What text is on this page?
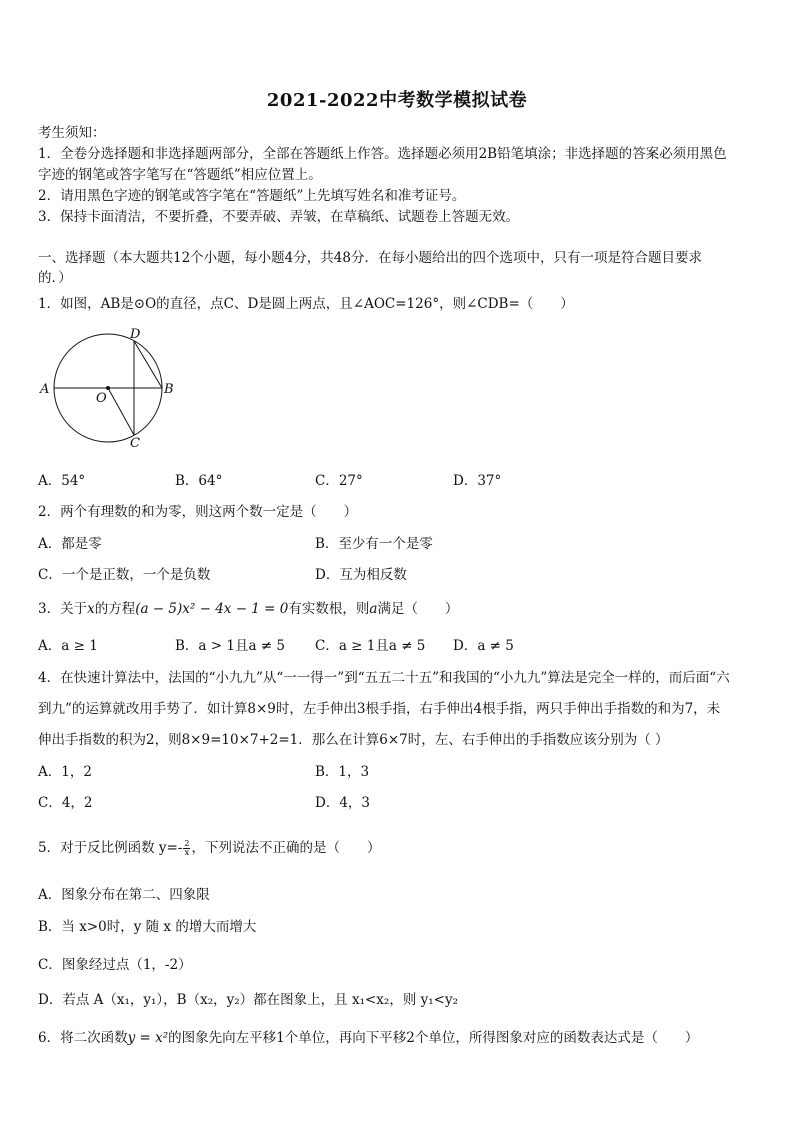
2021-2022中考数学模拟试卷
考生须知：
1．全卷分选择题和非选择题两部分，全部在答题纸上作答。选择题必须用2B铅笔填涂；非选择题的答案必须用黑色
字迹的钢笔或答字笔写在“答题纸”相应位置上。
2．请用黑色字迹的钢笔或答字笔在“答题纸”上先填写姓名和准考证号。
3．保持卡面清洁，不要折叠，不要弄破、弄皱，在草稿纸、试题卷上答题无效。
一、选择题（本大题共12个小题，每小题4分，共48分．在每小题给出的四个选项中，只有一项是符合题目要求
的．）
1．如图，AB是⊙O的直径，点C、D是圆上两点，且∠AOC=126°，则∠CDB=（　　）
A	B
C
D
O
A．54°	B．64°	C．27°	D．37°
2．两个有理数的和为零，则这两个数一定是（　　）
A．都是零	B．至少有一个是零
C．一个是正数，一个是负数	D．互为相反数
3．关于x的方程(a − 5)x² − 4x − 1 = 0有实数根，则a满足（　　）
A．a ≥ 1	B．a > 1且a ≠ 5 C．a ≥ 1且a ≠ 5 D．a ≠ 5
4．在快速计算法中，法国的“小九九”从“一一得一”到“五五二十五”和我国的“小九九”算法是完全一样的，而后面“六
到九”的运算就改用手势了．如计算8×9时，左手伸出3根手指，右手伸出4根手指，两只手伸出手指数的和为7，未
伸出手指数的积为2，则8×9=10×7+2=1．那么在计算6×7时，左、右手伸出的手指数应该分别为（ ）
A．1，2	B．1，3
C．4，2	D．4，3
5．对于反比例函数 $y=- \frac{2}{x}$ ，下列说法不正确的是（　　）
A．图象分布在第二、四象限
B．当 x>0时，y 随 x 的增大而增大
C．图象经过点（1，-2）
D．若点 A（x₁，y₁），B（x₂，y₂）都在图象上，且 x₁<x₂，则 y₁<y₂
6．将二次函数y = x²的图象先向左平移1个单位，再向下平移2个单位，所得图象对应的函数表达式是（　　）
